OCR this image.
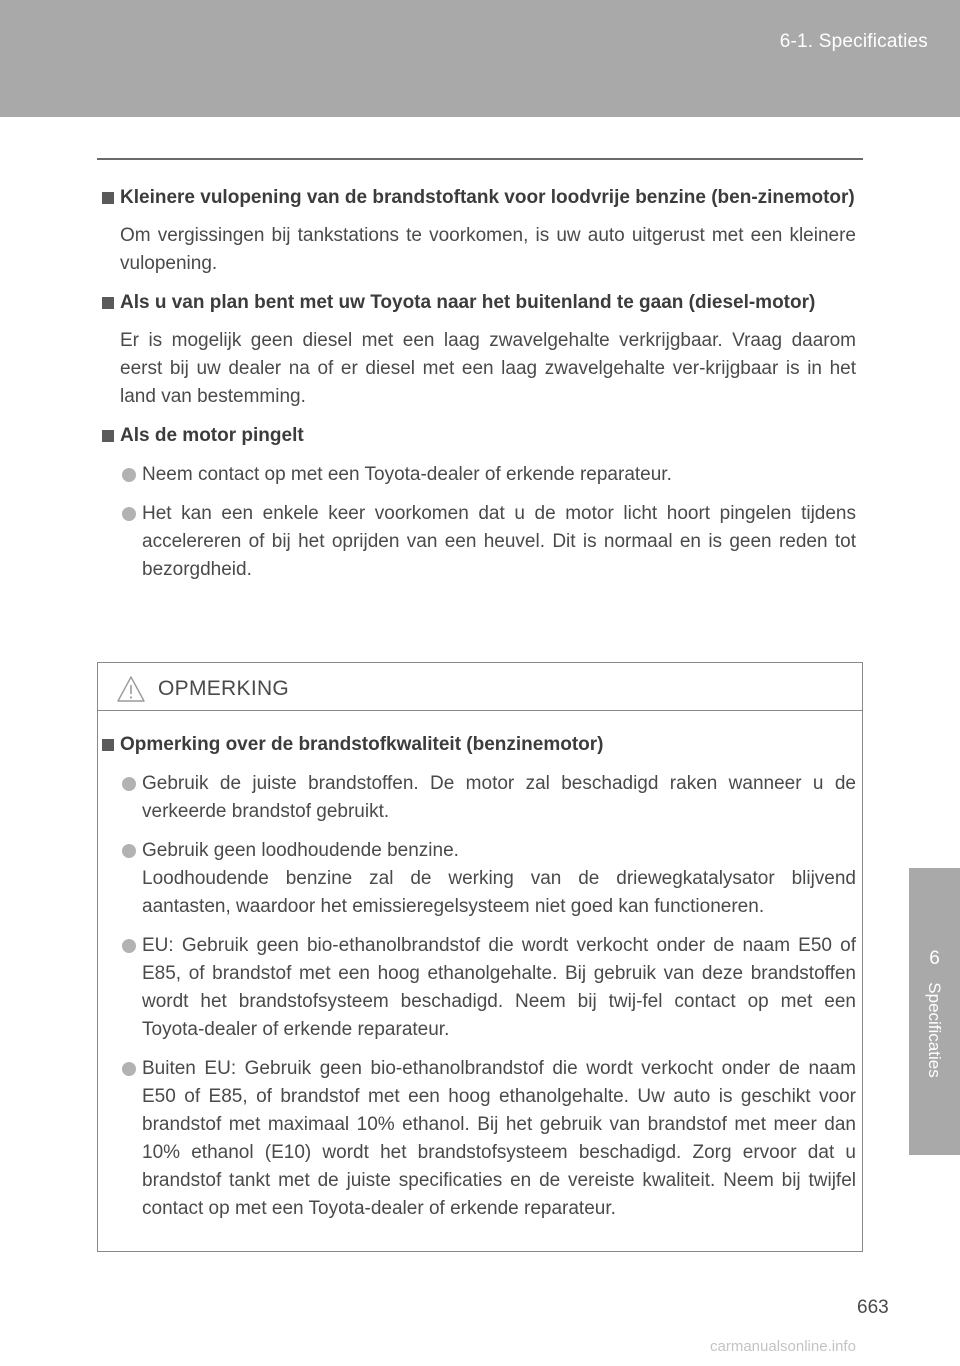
6-1. Specificaties
6
Specificaties
Kleinere vulopening van de brandstoftank voor loodvrije benzine (ben-zinemotor)
Om vergissingen bij tankstations te voorkomen, is uw auto uitgerust met een kleinere vulopening.
Als u van plan bent met uw Toyota naar het buitenland te gaan (diesel-motor)
Er is mogelijk geen diesel met een laag zwavelgehalte verkrijgbaar. Vraag daarom eerst bij uw dealer na of er diesel met een laag zwavelgehalte ver-krijgbaar is in het land van bestemming.
Als de motor pingelt
Neem contact op met een Toyota-dealer of erkende reparateur.
Het kan een enkele keer voorkomen dat u de motor licht hoort pingelen tijdens accelereren of bij het oprijden van een heuvel. Dit is normaal en is geen reden tot bezorgdheid.
OPMERKING
Opmerking over de brandstofkwaliteit (benzinemotor)
Gebruik de juiste brandstoffen. De motor zal beschadigd raken wanneer u de verkeerde brandstof gebruikt.
Gebruik geen loodhoudende benzine.
Loodhoudende benzine zal de werking van de driewegkatalysator blijvend aantasten, waardoor het emissieregelsysteem niet goed kan functioneren.
EU: Gebruik geen bio-ethanolbrandstof die wordt verkocht onder de naam E50 of E85, of brandstof met een hoog ethanolgehalte. Bij gebruik van deze brandstoffen wordt het brandstofsysteem beschadigd. Neem bij twij-fel contact op met een Toyota-dealer of erkende reparateur.
Buiten EU: Gebruik geen bio-ethanolbrandstof die wordt verkocht onder de naam E50 of E85, of brandstof met een hoog ethanolgehalte. Uw auto is geschikt voor brandstof met maximaal 10% ethanol. Bij het gebruik van brandstof met meer dan 10% ethanol (E10) wordt het brandstofsysteem beschadigd. Zorg ervoor dat u brandstof tankt met de juiste specificaties en de vereiste kwaliteit. Neem bij twijfel contact op met een Toyota-dealer of erkende reparateur.
663
carmanualsonline.info
